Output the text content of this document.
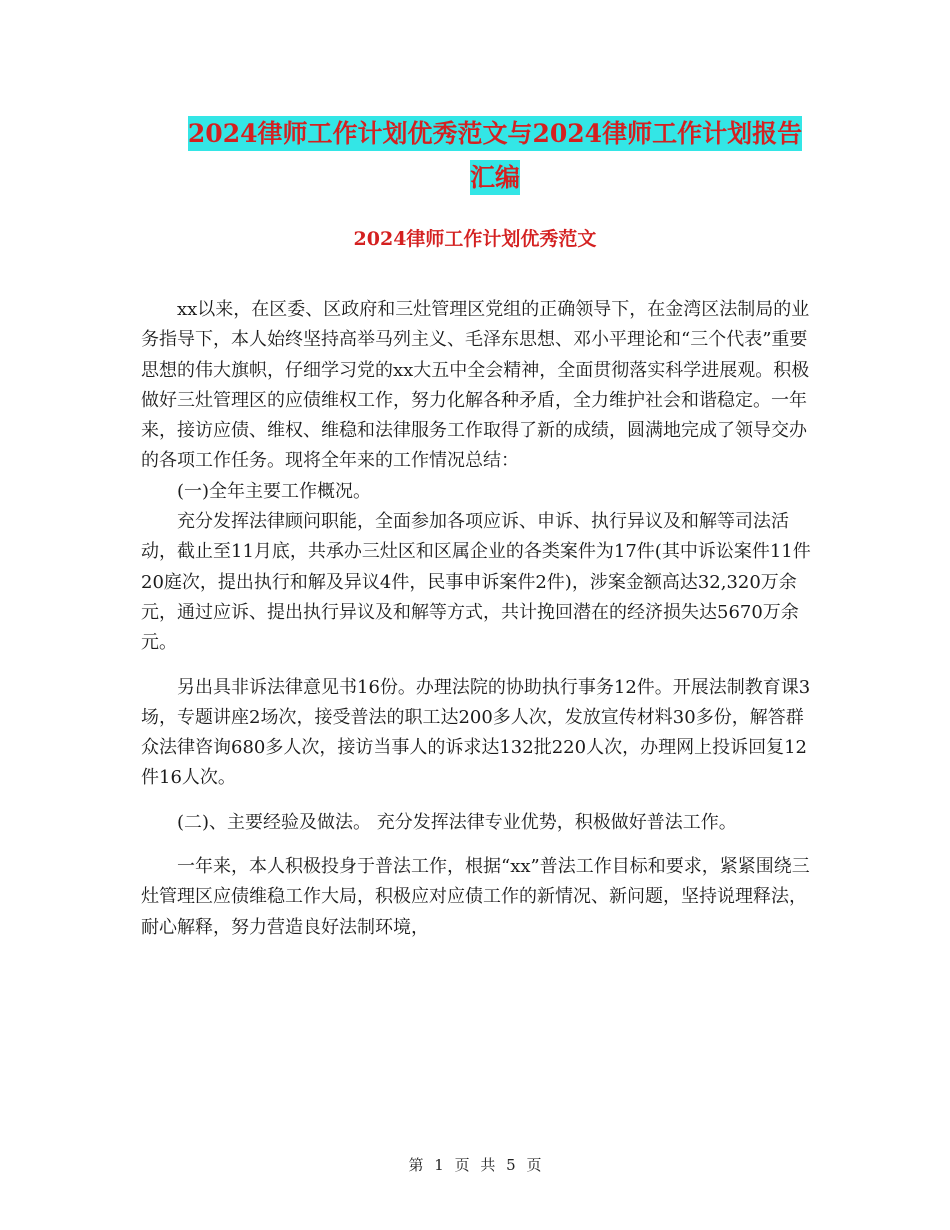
2024律师工作计划优秀范文与2024律师工作计划报告
汇编
2024律师工作计划优秀范文

xx以来，在区委、区政府和三灶管理区党组的正确领导下，在金湾区法制局的业务指导下，本人始终坚持高举马列主义、毛泽东思想、邓小平理论和“三个代表”重要思想的伟大旗帜，仔细学习党的xx大五中全会精神，全面贯彻落实科学进展观。积极做好三灶管理区的应债维权工作，努力化解各种矛盾，全力维护社会和谐稳定。一年来，接访应债、维权、维稳和法律服务工作取得了新的成绩，圆满地完成了领导交办的各项工作任务。现将全年来的工作情况总结：

(一)全年主要工作概况。

充分发挥法律顾问职能，全面参加各项应诉、申诉、执行异议及和解等司法活动，截止至11月底，共承办三灶区和区属企业的各类案件为17件(其中诉讼案件11件20庭次，提出执行和解及异议4件，民事申诉案件2件)，涉案金额高达32,320万余元，通过应诉、提出执行异议及和解等方式，共计挽回潜在的经济损失达5670万余元。

另出具非诉法律意见书16份。办理法院的协助执行事务12件。开展法制教育课3场，专题讲座2场次，接受普法的职工达200多人次，发放宣传材料30多份，解答群众法律咨询680多人次，接访当事人的诉求达132批220人次，办理网上投诉回复12件16人次。

(二)、主要经验及做法。 充分发挥法律专业优势，积极做好普法工作。

一年来，本人积极投身于普法工作，根据“xx”普法工作目标和要求，紧紧围绕三灶管理区应债维稳工作大局，积极应对应债工作的新情况、新问题，坚持说理释法，耐心解释，努力营造良好法制环境，

第 1 页 共 5 页
